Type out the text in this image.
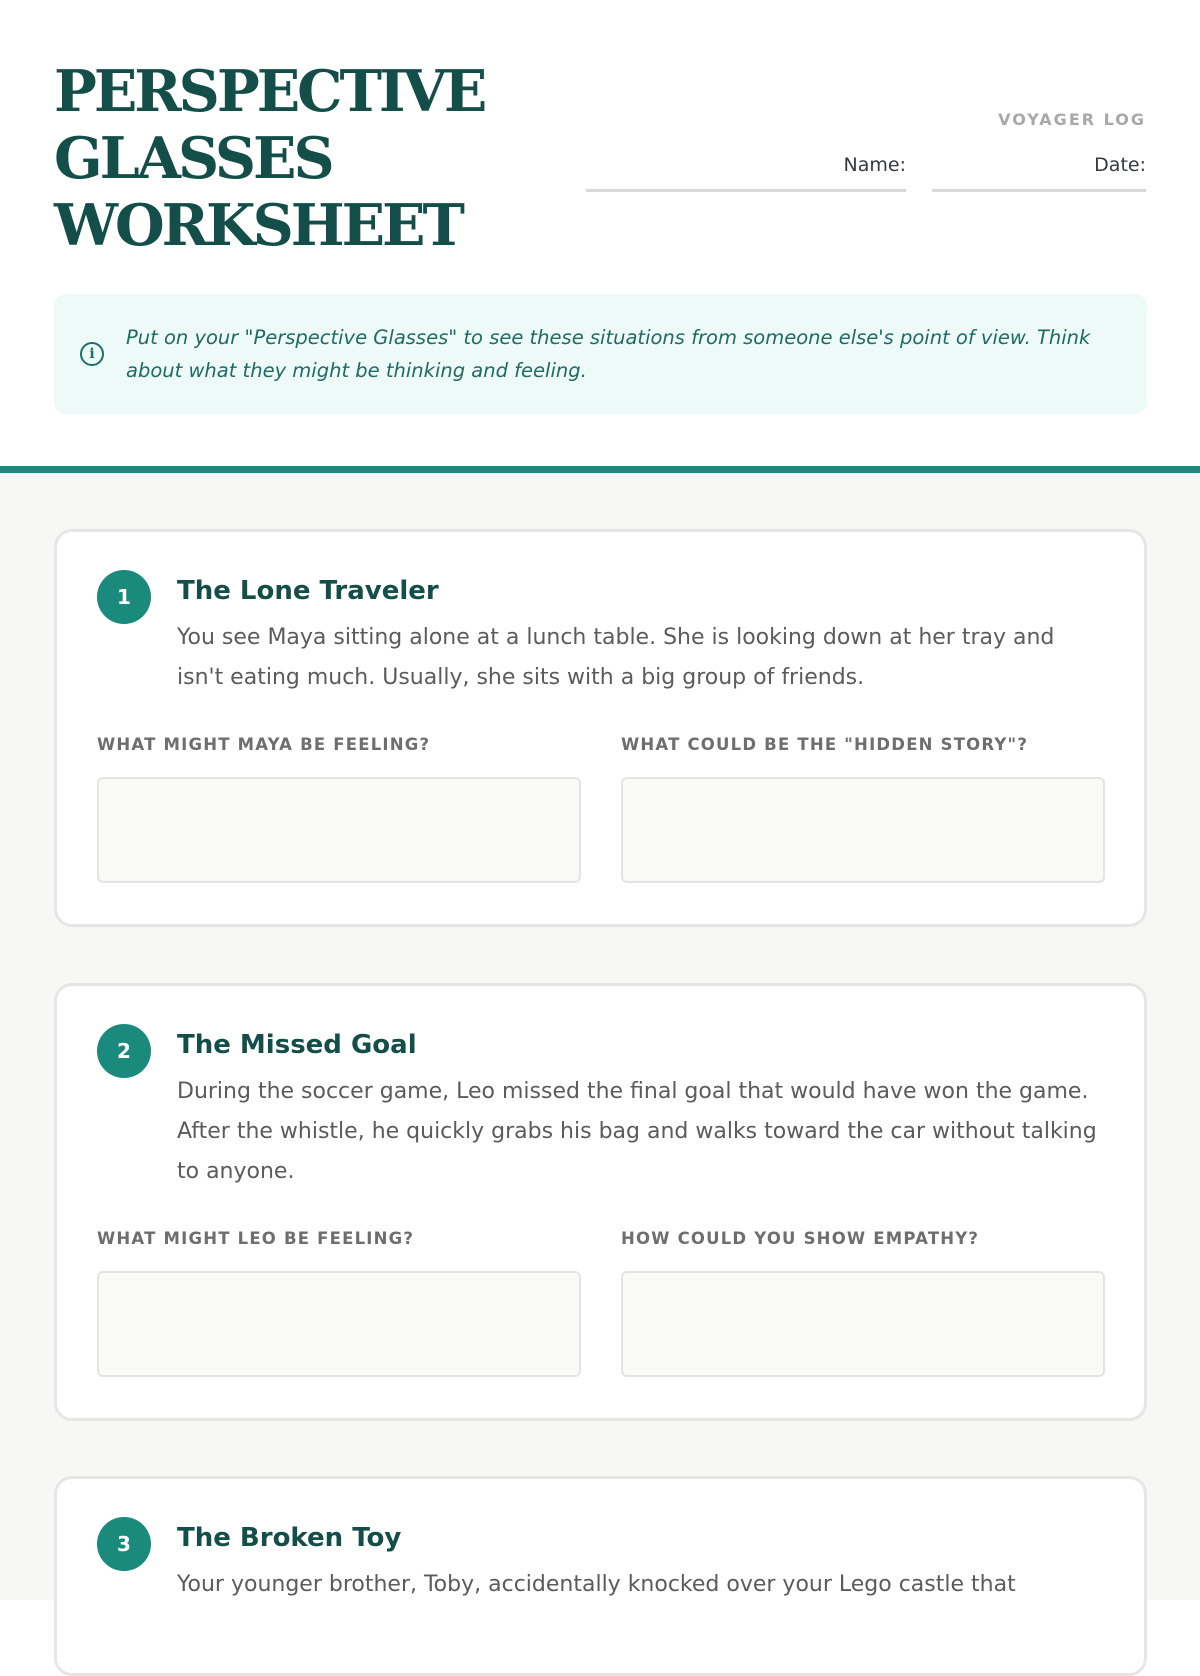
PERSPECTIVE GLASSES WORKSHEET
VOYAGER LOG
Name:	Date:
i

Put on your "Perspective Glasses" to see these situations from someone else's point of view. Think about what they might be thinking and feeling.

1	The Lone Traveler

You see Maya sitting alone at a lunch table. She is looking down at her tray and isn't eating much. Usually, she sits with a big group of friends.

WHAT MIGHT MAYA BE FEELING?	WHAT COULD BE THE "HIDDEN STORY"?
2	The Missed Goal

During the soccer game, Leo missed the final goal that would have won the game. After the whistle, he quickly grabs his bag and walks toward the car without talking to anyone.

WHAT MIGHT LEO BE FEELING?	HOW COULD YOU SHOW EMPATHY?
3	The Broken Toy

Your younger brother, Toby, accidentally knocked over your Lego castle that
